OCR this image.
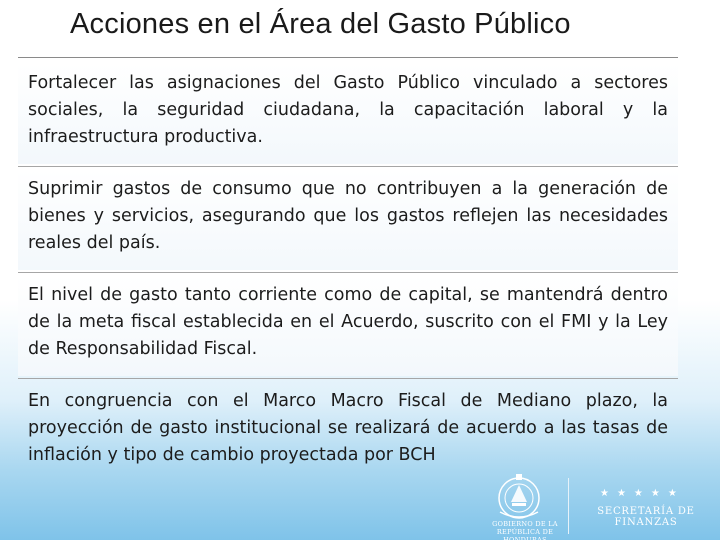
Acciones en el Área del Gasto Público

Fortalecer las asignaciones del Gasto Público vinculado a sectores sociales, la seguridad ciudadana, la capacitación laboral y la infraestructura productiva.

Suprimir gastos de consumo que no contribuyen a la generación de bienes y servicios, asegurando que los gastos reflejen las necesidades reales del país.

El nivel de gasto tanto corriente como de capital, se mantendrá dentro de la meta fiscal establecida en el Acuerdo, suscrito con el FMI y la Ley de Responsabilidad Fiscal.

En congruencia con el Marco Macro Fiscal de Mediano plazo, la proyección de gasto institucional se realizará de acuerdo a las tasas de inflación y tipo de cambio proyectada por BCH

GOBIERNO DE LA
REPÚBLICA DE HONDURAS
★★★★★
SECRETARÍA DE FINANZAS
